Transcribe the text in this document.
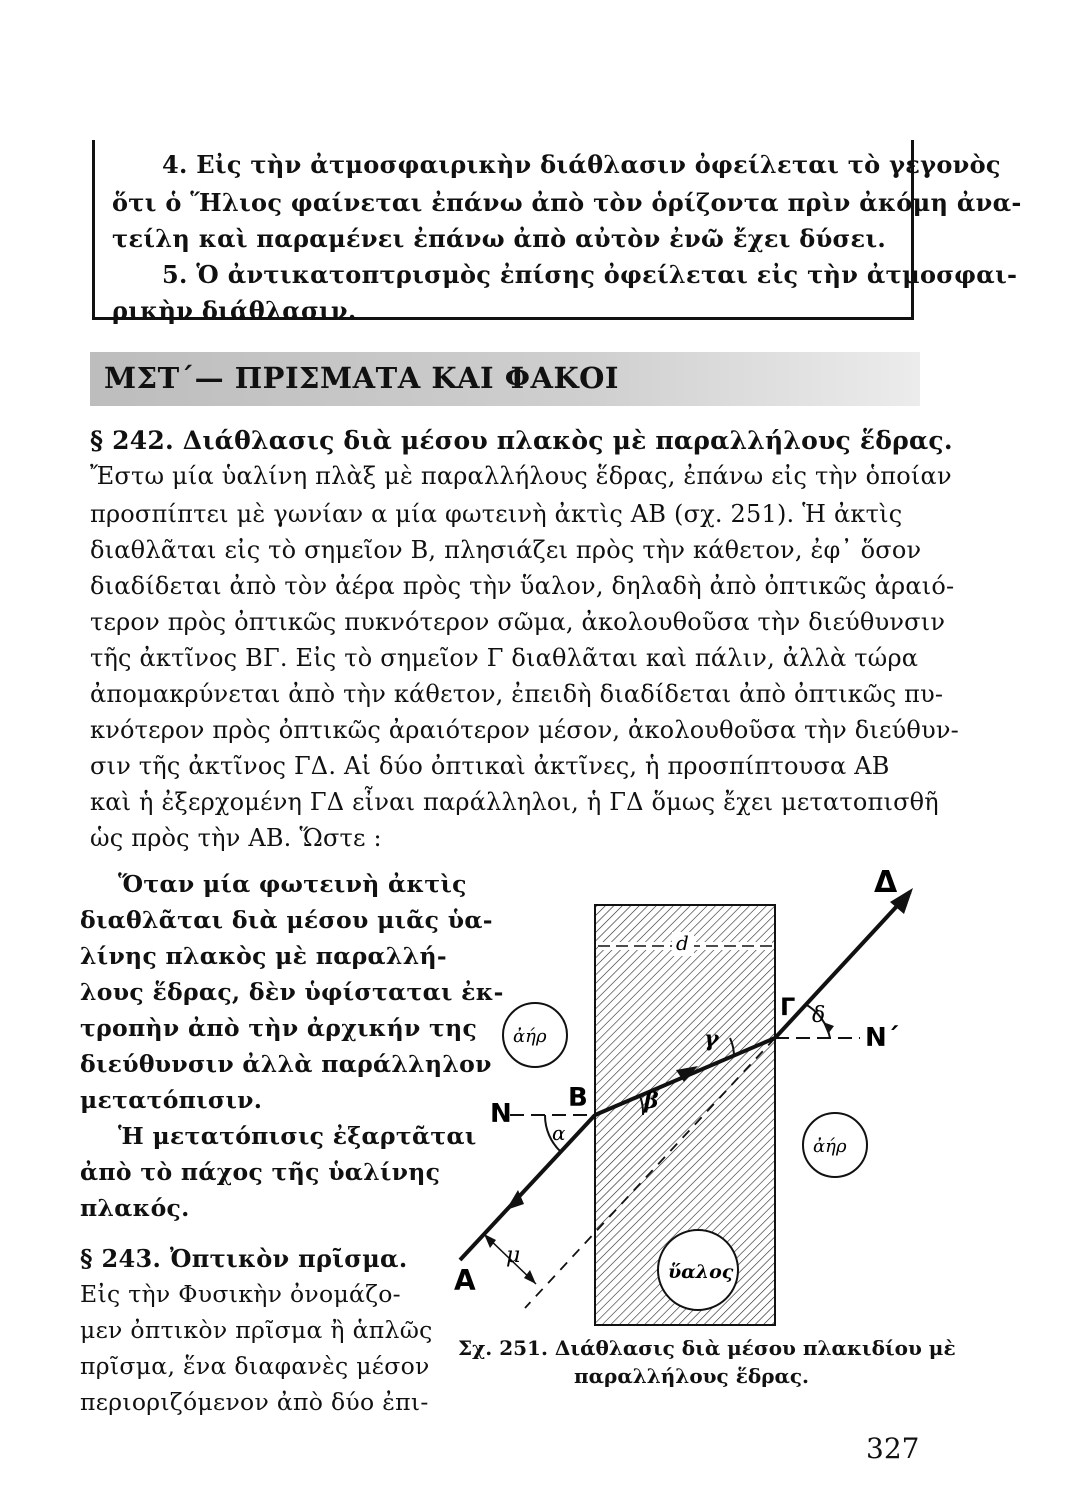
4. Εἰς τὴν ἀτμοσφαιρικὴν διάθλασιν ὀφείλεται τὸ γεγονὸς
ὅτι ὁ Ἥλιος φαίνεται ἐπάνω ἀπὸ τὸν ὁρίζοντα πρὶν ἀκόμη ἀνα-
τείλη καὶ παραμένει ἐπάνω ἀπὸ αὐτὸν ἐνῶ ἔχει δύσει.
5. Ὁ ἀντικατοπτρισμὸς ἐπίσης ὀφείλεται εἰς τὴν ἀτμοσφαι-
ρικὴν διάθλασιν.
ΜΣΤ΄— ΠΡΙΣΜΑΤΑ ΚΑΙ ΦΑΚΟΙ
§ 242. Διάθλασις διὰ μέσου πλακὸς μὲ παραλλήλους ἕδρας.
Ἔστω μία ὑαλίνη πλὰξ μὲ παραλλήλους ἕδρας, ἐπάνω εἰς τὴν ὁποίαν
προσπίπτει μὲ γωνίαν α μία φωτεινὴ ἀκτὶς ΑΒ (σχ. 251). Ἡ ἀκτὶς
διαθλᾶται εἰς τὸ σημεῖον Β, πλησιάζει πρὸς τὴν κάθετον, ἐφ᾽ ὅσον
διαδίδεται ἀπὸ τὸν ἀέρα πρὸς τὴν ὕαλον, δηλαδὴ ἀπὸ ὀπτικῶς ἀραιό-
τερον πρὸς ὀπτικῶς πυκνότερον σῶμα, ἀκολουθοῦσα τὴν διεύθυνσιν
τῆς ἀκτῖνος ΒΓ. Εἰς τὸ σημεῖον Γ διαθλᾶται καὶ πάλιν, ἀλλὰ τώρα
ἀπομακρύνεται ἀπὸ τὴν κάθετον, ἐπειδὴ διαδίδεται ἀπὸ ὀπτικῶς πυ-
κνότερον πρὸς ὀπτικῶς ἀραιότερον μέσον, ἀκολουθοῦσα τὴν διεύθυν-
σιν τῆς ἀκτῖνος ΓΔ. Αἱ δύο ὀπτικαὶ ἀκτῖνες, ἡ προσπίπτουσα ΑΒ
καὶ ἡ ἐξερχομένη ΓΔ εἶναι παράλληλοι, ἡ ΓΔ ὅμως ἔχει μετατοπισθῆ
ὡς πρὸς τὴν ΑΒ. Ὥστε :
Ὅταν μία φωτεινὴ ἀκτὶς
διαθλᾶται διὰ μέσου μιᾶς ὑα-
λίνης πλακὸς μὲ παραλλή-
λους ἕδρας, δὲν ὑφίσταται ἐκ-
τροπὴν ἀπὸ τὴν ἀρχικήν της
διεύθυνσιν ἀλλὰ παράλληλον
μετατόπισιν.
Ἡ μετατόπισις ἐξαρτᾶται
ἀπὸ τὸ πάχος τῆς ὑαλίνης
πλακός.
§ 243. Ὀπτικὸν πρῖσμα.
Εἰς τὴν Φυσικὴν ὀνομάζο-
μεν ὀπτικὸν πρῖσμα ἢ ἁπλῶς
πρῖσμα, ἕνα διαφανὲς μέσον
περιοριζόμενον ἀπὸ δύο ἐπι-
d
ἀήρ
ἀήρ
ὕαλος
Δ
Γ δ
Ν΄
γ
β
Β
Ν
α
μ
Α
Σχ. 251. Διάθλασις διὰ μέσου πλακιδίου μὲ
παραλλήλους ἕδρας.
327
